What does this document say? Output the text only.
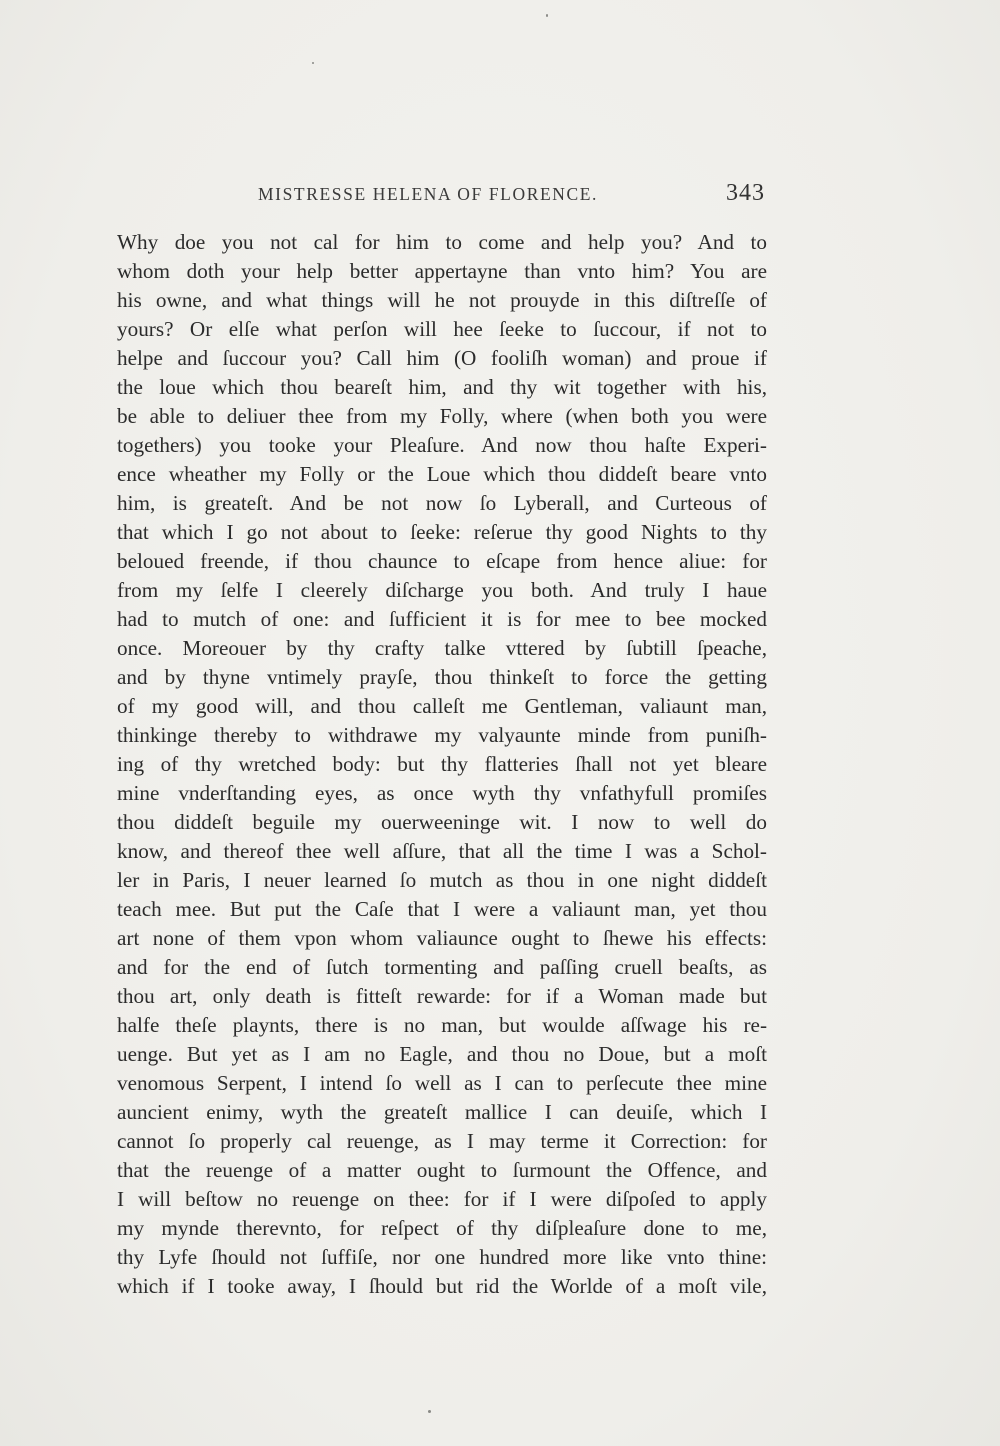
MISTRESSE HELENA OF FLORENCE.	343
Why doe you not cal for him to come and help you? And to
whom doth your help better appertayne than vnto him? You are
his owne, and what things will he not prouyde in this diſtreſſe of
yours? Or elſe what perſon will hee ſeeke to ſuccour, if not to
helpe and ſuccour you? Call him (O fooliſh woman) and proue if
the loue which thou beareſt him, and thy wit together with his,
be able to deliuer thee from my Folly, where (when both you were
togethers) you tooke your Pleaſure. And now thou haſte Experi-
ence wheather my Folly or the Loue which thou diddeſt beare vnto
him, is greateſt. And be not now ſo Lyberall, and Curteous of
that which I go not about to ſeeke: reſerue thy good Nights to thy
beloued freende, if thou chaunce to eſcape from hence aliue: for
from my ſelfe I cleerely diſcharge you both. And truly I haue
had to mutch of one: and ſufficient it is for mee to bee mocked
once. Moreouer by thy crafty talke vttered by ſubtill ſpeache,
and by thyne vntimely prayſe, thou thinkeſt to force the getting
of my good will, and thou calleſt me Gentleman, valiaunt man,
thinkinge thereby to withdrawe my valyaunte minde from puniſh-
ing of thy wretched body: but thy flatteries ſhall not yet bleare
mine vnderſtanding eyes, as once wyth thy vnfathyfull promiſes
thou diddeſt beguile my ouerweeninge wit. I now to well do
know, and thereof thee well aſſure, that all the time I was a Schol-
ler in Paris, I neuer learned ſo mutch as thou in one night diddeſt
teach mee. But put the Caſe that I were a valiaunt man, yet thou
art none of them vpon whom valiaunce ought to ſhewe his effects:
and for the end of ſutch tormenting and paſſing cruell beaſts, as
thou art, only death is fitteſt rewarde: for if a Woman made but
halfe theſe playnts, there is no man, but woulde aſſwage his re-
uenge. But yet as I am no Eagle, and thou no Doue, but a moſt
venomous Serpent, I intend ſo well as I can to perſecute thee mine
auncient enimy, wyth the greateſt mallice I can deuiſe, which I
cannot ſo properly cal reuenge, as I may terme it Correction: for
that the reuenge of a matter ought to ſurmount the Offence, and
I will beſtow no reuenge on thee: for if I were diſpoſed to apply
my mynde therevnto, for reſpect of thy diſpleaſure done to me,
thy Lyfe ſhould not ſuffiſe, nor one hundred more like vnto thine:
which if I tooke away, I ſhould but rid the Worlde of a moſt vile,
